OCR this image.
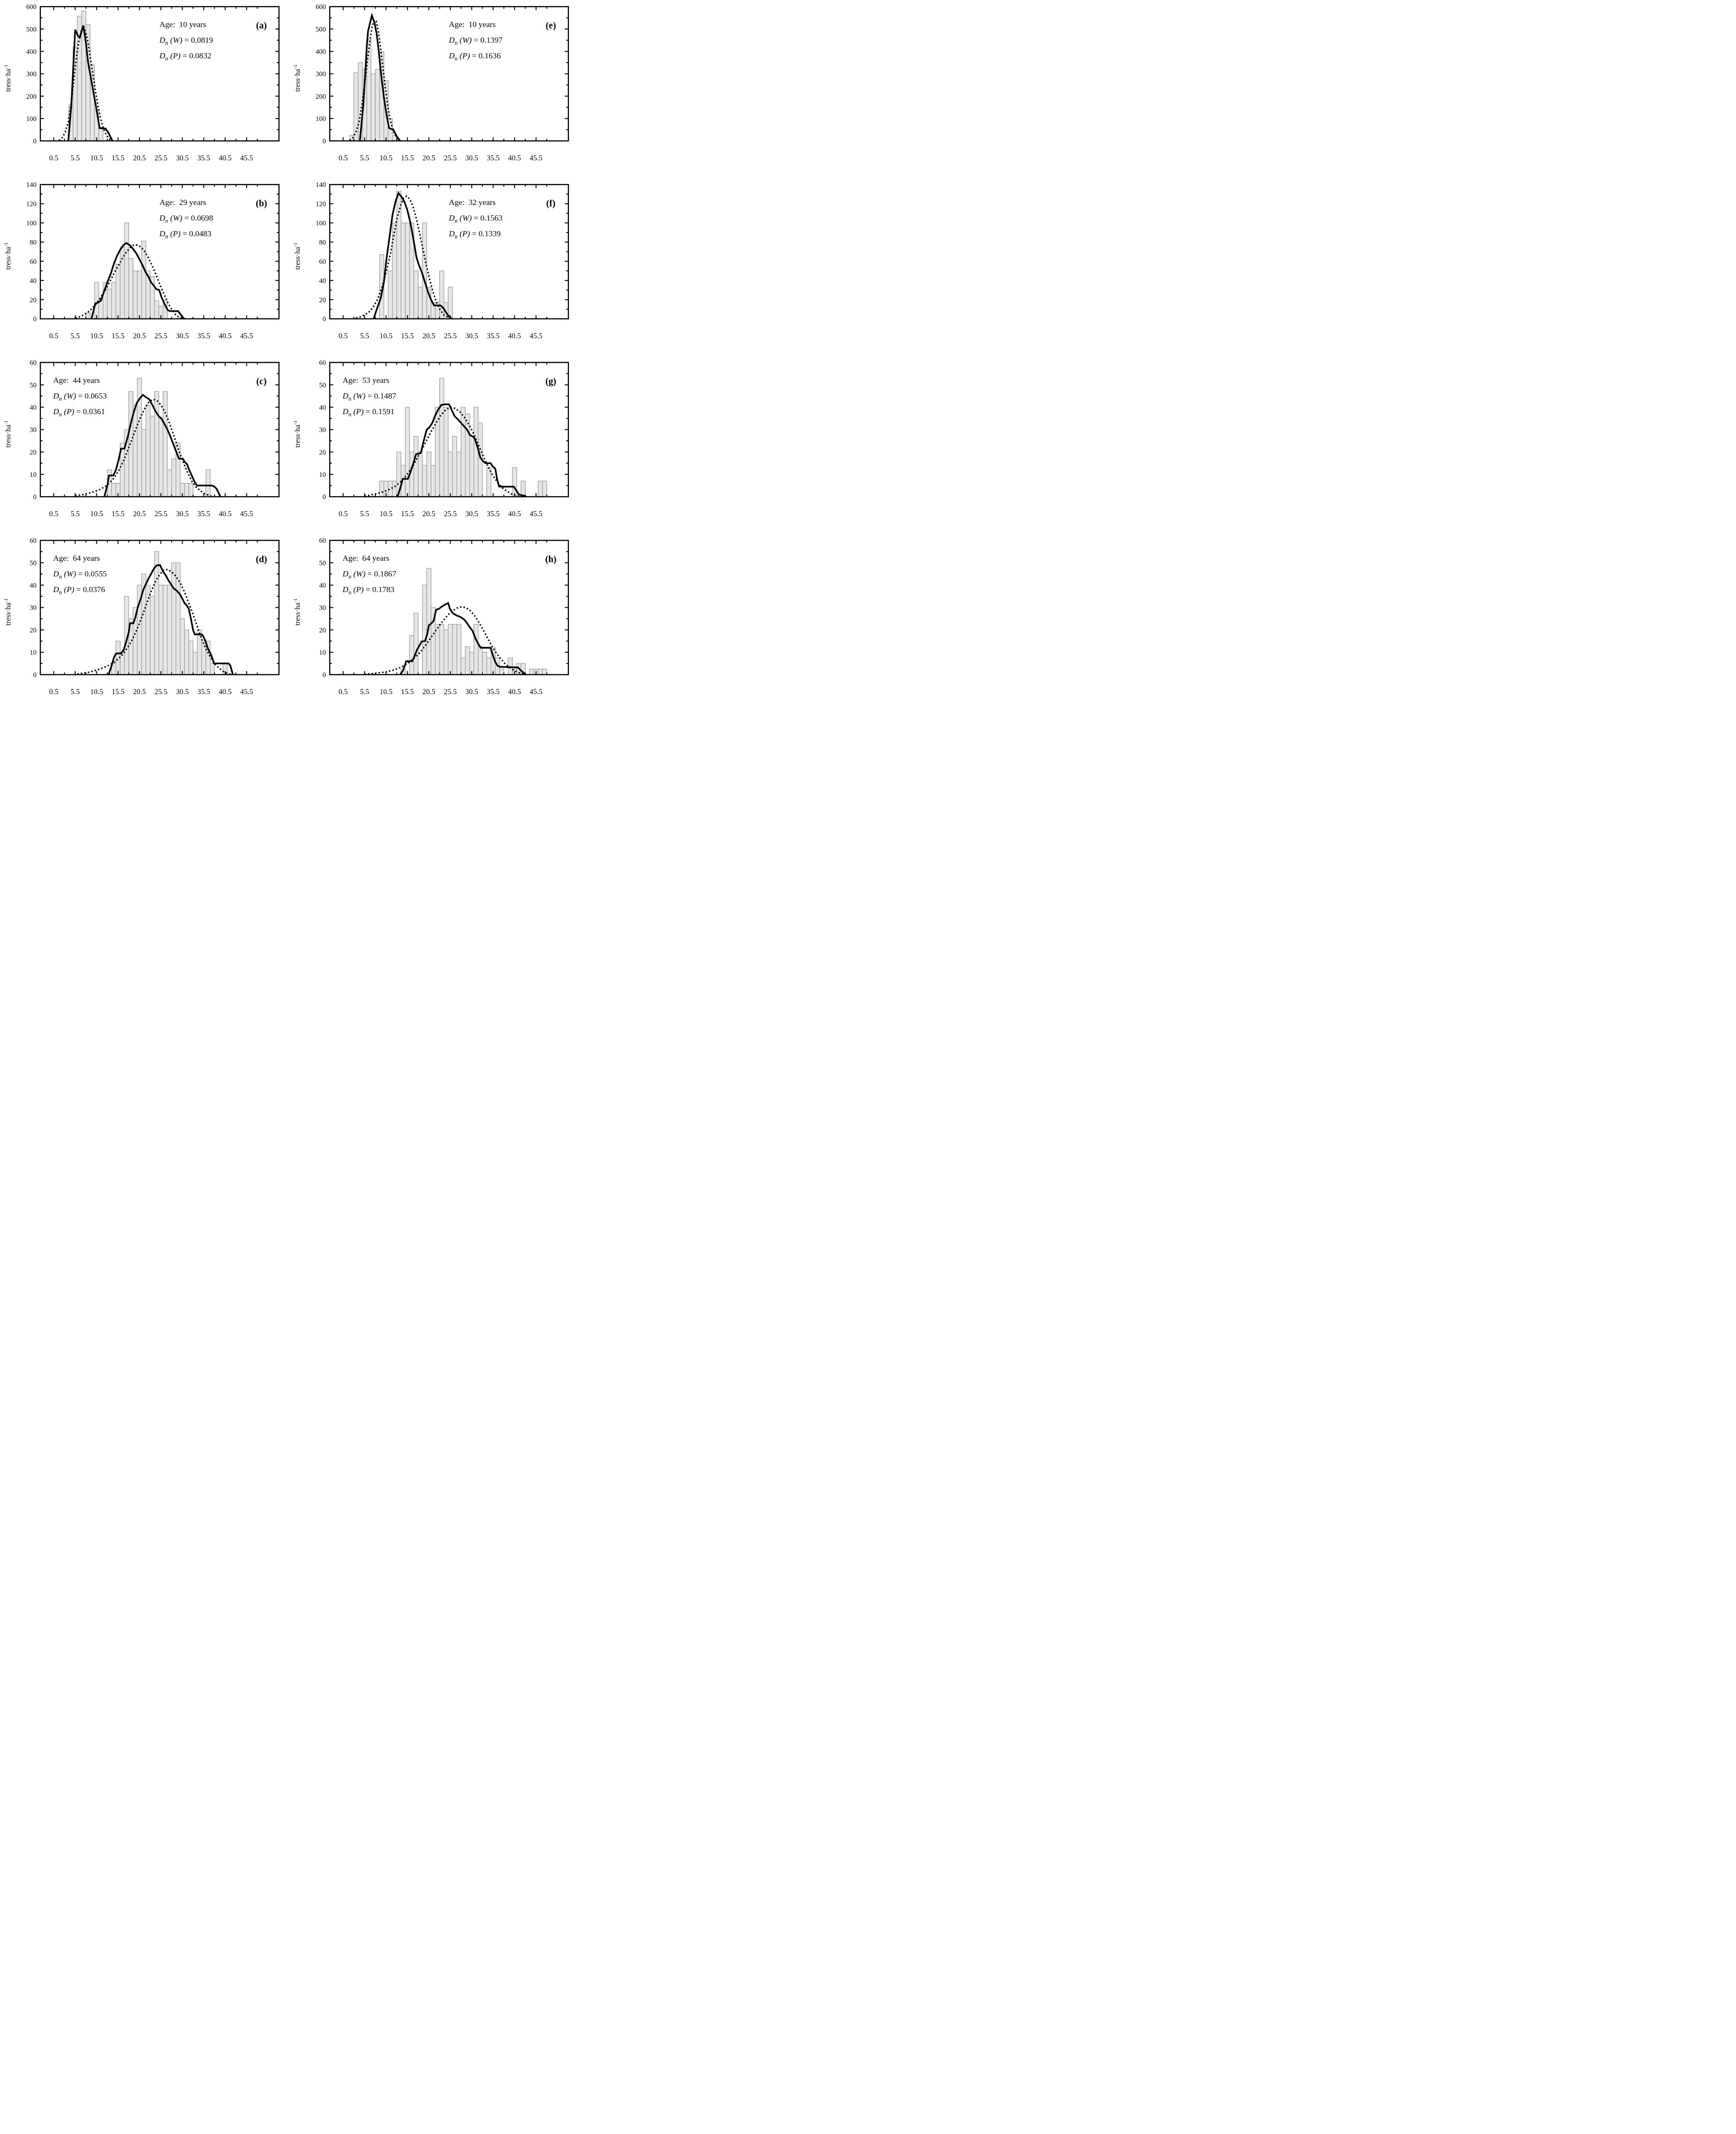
0
100
200
300
400
500
600
0.5 5.5 10.5 15.5 20.5 25.5 30.5 35.5 40.5 45.5
$tress\cdot ha^{-1}$
Age:  10 years
$D_n$ (W) = 0.0819
$D_n$ (P) = 0.0832
(a)
0
100
200
300
400
500
600
0.5 5.5 10.5 15.5 20.5 25.5 30.5 35.5 40.5 45.5
$tress\cdot ha^{-1}$
Age:  10 years
$D_n$ (W) = 0.1397
$D_n$ (P) = 0.1636
(e)
0
20
40
60
80
100
120
140
0.5 5.5 10.5 15.5 20.5 25.5 30.5 35.5 40.5 45.5
$tress\cdot ha^{-1}$
Age:  29 years
$D_n$ (W) = 0.0698
$D_n$ (P) = 0.0483
(b)
0
20
40
60
80
100
120
140
0.5 5.5 10.5 15.5 20.5 25.5 30.5 35.5 40.5 45.5
$tress\cdot ha^{-1}$
Age:  32 years
$D_n$ (W) = 0.1563
$D_n$ (P) = 0.1339
(f)
0
10
20
30
40
50
60
0.5 5.5 10.5 15.5 20.5 25.5 30.5 35.5 40.5 45.5
$tress\cdot ha^{-1}$
Age:  44 years
$D_n$ (W) = 0.0653
$D_n$ (P) = 0.0361
(c)
0
10
20
30
40
50
60
0.5 5.5 10.5 15.5 20.5 25.5 30.5 35.5 40.5 45.5
$tress\cdot ha^{-1}$
Age:  53 years
$D_n$ (W) = 0.1487
$D_n$ (P) = 0.1591
(g)
0
10
20
30
40
50
60
0.5 5.5 10.5 15.5 20.5 25.5 30.5 35.5 40.5 45.5
$tress\cdot ha^{-1}$
Age:  64 years
$D_n$ (W) = 0.0555
$D_n$ (P) = 0.0376
(d)
0
10
20
30
40
50
60
0.5 5.5 10.5 15.5 20.5 25.5 30.5 35.5 40.5 45.5
$tress\cdot ha^{-1}$
Age:  64 years
$D_n$ (W) = 0.1867
$D_n$ (P) = 0.1783
(h)
